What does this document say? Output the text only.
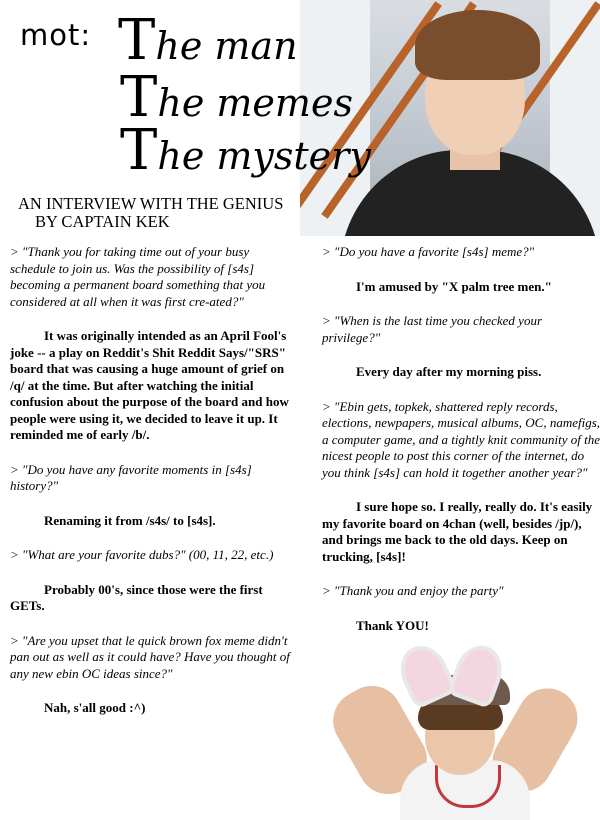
mot: The man
The memes
The mystery
AN INTERVIEW WITH THE GENIUS
BY CAPTAIN KEK

> "Thank you for taking time out of your busy schedule to join us. Was the possibility of [s4s] becoming a permanent board something that you considered at all when it was first cre-ated?"

It was originally intended as an April Fool's joke -- a play on Reddit's Shit Reddit Says/"SRS" board that was causing a huge amount of grief on /q/ at the time. But after watching the initial confusion about the purpose of the board and how people were using it, we decided to leave it up. It reminded me of early /b/.

> "Do you have any favorite moments in [s4s] history?"

Renaming it from /s4s/ to [s4s].

> "What are your favorite dubs?" (00, 11, 22, etc.)

Probably 00's, since those were the first GETs.

> "Are you upset that le quick brown fox meme didn't pan out as well as it could have? Have you thought of any new ebin OC ideas since?"

Nah, s'all good :^)

> "Do you have a favorite [s4s] meme?"

I'm amused by "X palm tree men."

> "When is the last time you checked your privilege?"

Every day after my morning piss.

> "Ebin gets, topkek, shattered reply records, elections, newpapers, musical albums, OC, namefigs, a computer game, and a tightly knit community of the nicest people to post this corner of the internet, do you think [s4s] can hold it together another year?"

I sure hope so. I really, really do. It's easily my favorite board on 4chan (well, besides /jp/), and brings me back to the old days. Keep on trucking, [s4s]!

> "Thank you and enjoy the party"

Thank YOU!
